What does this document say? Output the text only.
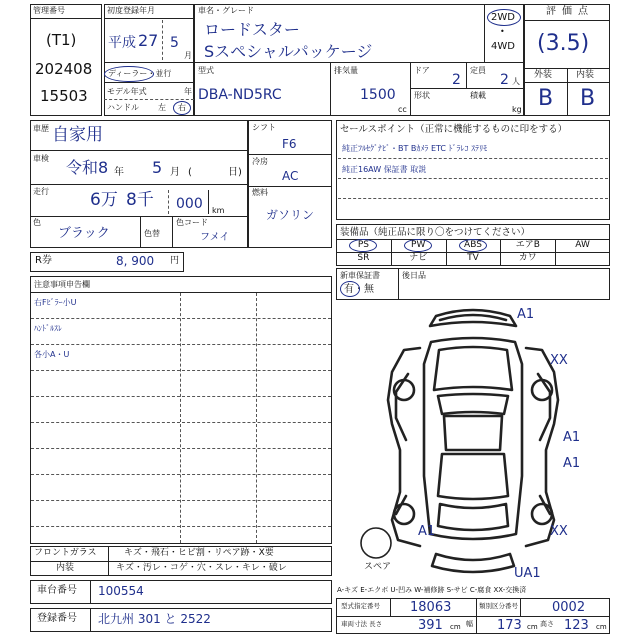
管理番号
(T1)
202408
15503
初度登録年月
平成 27 5
月
ディーラー・並行
モデル年式	年
ハンドル 左 右
車名・グレード
ロードスター
Sスペシャルパッケージ
2WD
•
4WD
型式
DBA-ND5RC
排気量
1500
cc
ドア
2
定員
2 人
形状	積載
kg
評価点
(3.5)
外装	内装
B B
車歴 自家用
車検 令和8 年 5 月 (	日)
走行 6万 8千 000 km
色
ブラック	色替
色コード
フメイ
R券	8, 900 円
シフト
F6
冷房
AC
燃料
ガソリン
セールスポイント（正常に機能するものに印をする）
純正ﾌﾙｾｸﾞﾅﾋﾞ・BT Bｶﾒﾗ ETC ﾄﾞﾗﾚｺ ｽﾃﾘﾓ
純正16AW 保証書 取説
装備品（純正品に限り〇をつけてください）
PS	PW	ABS	エアB	AW
SR	ナビ	TV	カワ
新車保証書
有・無
後日品
注意事項申告欄
右Fﾋﾞﾗｰ小U
ﾊﾝﾄﾞﾙｽﾚ
各小A・U
スペア
A1
XX
A1
A1
A1	XX
UA1
フロントガラス	キズ・飛石・ヒビ割・リペア跡・X要
内装	キズ・汚レ・コゲ・穴・スレ・キレ・破レ
車台番号 100554
登録番号 北九州 301 と 2522
A-キズ E-エクボ U-凹み W-補修跡 S-サビ C-腐食 XX-交換済
型式指定番号 18063	類別区分番号	0002
車両寸法 長さ	391 cm 幅 173 cm 高さ 123 cm
